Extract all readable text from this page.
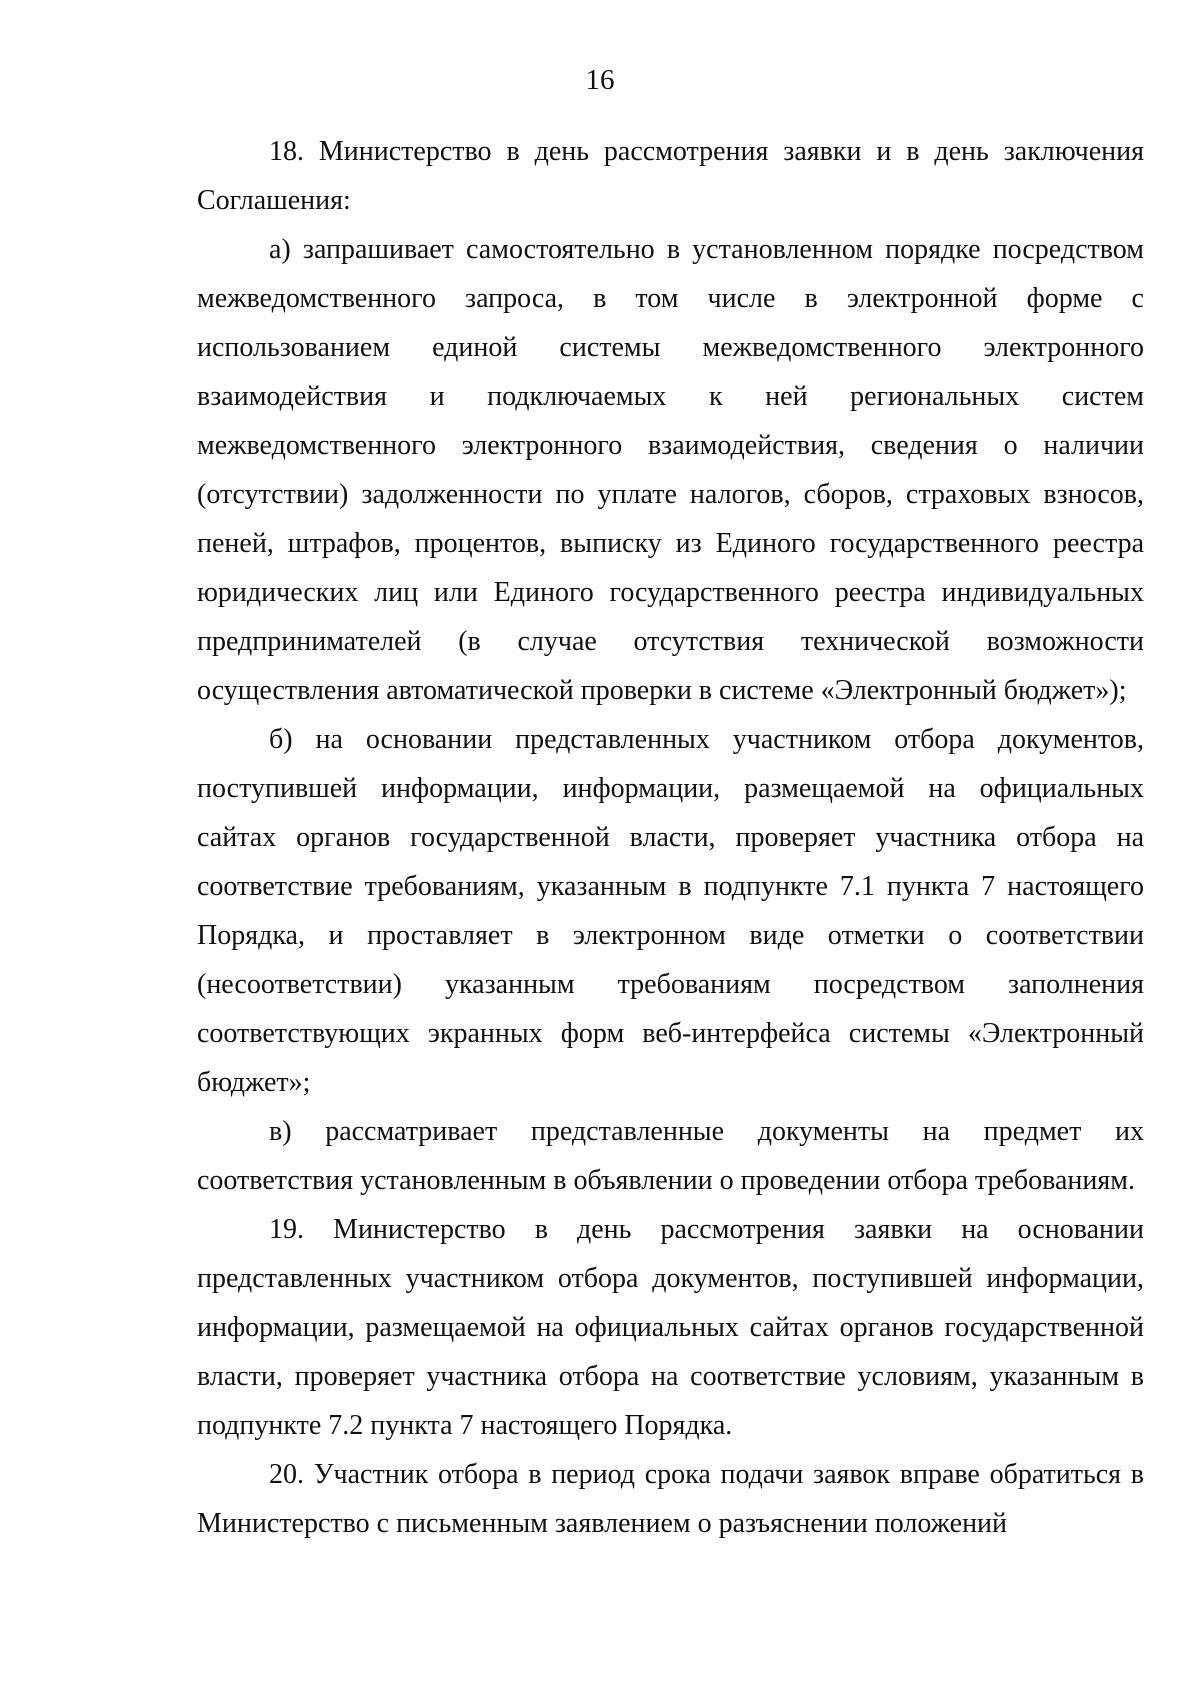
16

18. Министерство в день рассмотрения заявки и в день заключения Соглашения:

а) запрашивает самостоятельно в установленном порядке посредством межведомственного запроса, в том числе в электронной форме с использованием единой системы межведомственного электронного взаимодействия и подключаемых к ней региональных систем межведомственного электронного взаимодействия, сведения о наличии (отсутствии) задолженности по уплате налогов, сборов, страховых взносов, пеней, штрафов, процентов, выписку из Единого государственного реестра юридических лиц или Единого государственного реестра индивидуальных предпринимателей (в случае отсутствия технической возможности осуществления автоматической проверки в системе «Электронный бюджет»);

б) на основании представленных участником отбора документов, поступившей информации, информации, размещаемой на официальных сайтах органов государственной власти, проверяет участника отбора на соответствие требованиям, указанным в подпункте 7.1 пункта 7 настоящего Порядка, и проставляет в электронном виде отметки о соответствии (несоответствии) указанным требованиям посредством заполнения соответствующих экранных форм веб-интерфейса системы «Электронный бюджет»;

в) рассматривает представленные документы на предмет их соответствия установленным в объявлении о проведении отбора требованиям.

19. Министерство в день рассмотрения заявки на основании представленных участником отбора документов, поступившей информации, информации, размещаемой на официальных сайтах органов государственной власти, проверяет участника отбора на соответствие условиям, указанным в подпункте 7.2 пункта 7 настоящего Порядка.

20. Участник отбора в период срока подачи заявок вправе обратиться в Министерство с письменным заявлением о разъяснении положений
